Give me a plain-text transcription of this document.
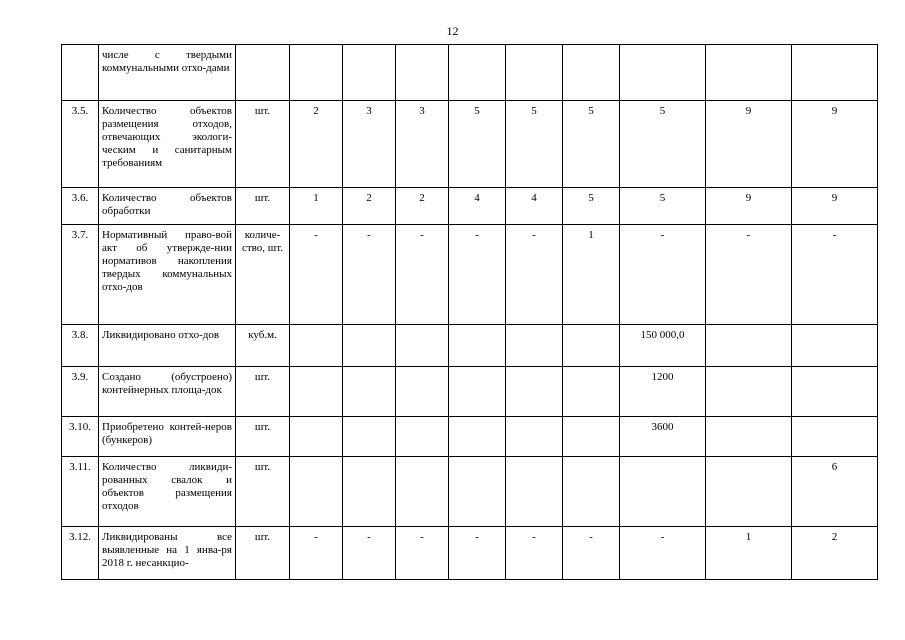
12
	числе с твердыми коммунальными отхо-дами										
3.5.	Количество объектов размещения отходов, отвечающих экологи-ческим и санитарным требованиям	шт.	2	3	3	5	5	5	5	9	9
3.6.	Количество объектов обработки	шт.	1	2	2	4	4	5	5	9	9
3.7.	Нормативный право-вой акт об утвержде-нии нормативов накопления твердых коммунальных отхо-дов	количе-ство, шт.	-	-	-	-	-	1	-	-	-
3.8.	Ликвидировано отхо-дов	куб.м.							150 000,0		
3.9.	Создано (обустроено) контейнерных площа-док	шт.							1200		
3.10.	Приобретено контей-неров (бункеров)	шт.							3600		
3.11.	Количество ликвиди-рованных свалок и объектов размещения отходов	шт.									6
3.12.	Ликвидированы все выявленные на 1 янва-ря 2018 г. несанкцио-	шт.	-	-	-	-	-	-	-	1	2
